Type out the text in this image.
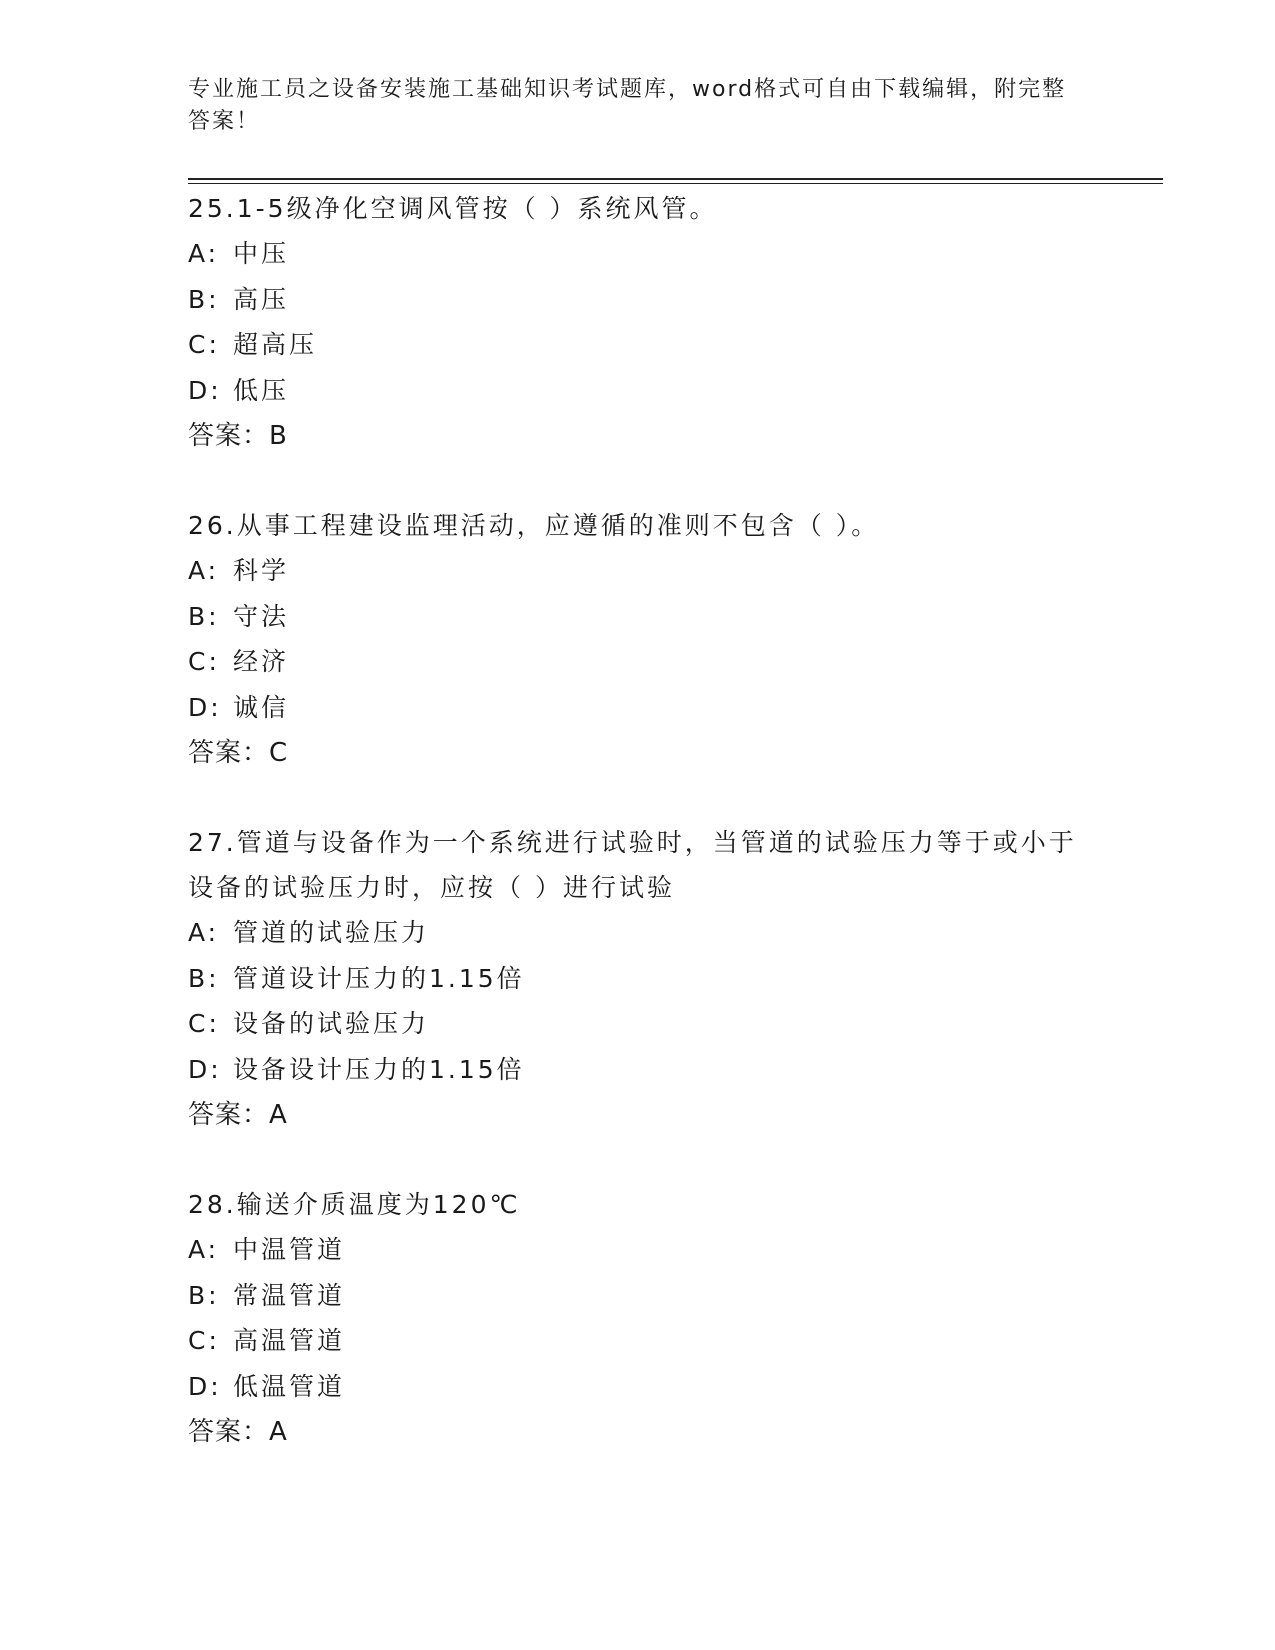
专业施工员之设备安装施工基础知识考试题库，word格式可自由下载编辑，附完整答案！

25.1-5级净化空调风管按（ ）系统风管。

A: 中压

B: 高压

C: 超高压

D: 低压

答案：B

26.从事工程建设监理活动，应遵循的准则不包含（ ）。

A: 科学

B: 守法

C: 经济

D: 诚信

答案：C

27.管道与设备作为一个系统进行试验时，当管道的试验压力等于或小于设备的试验压力时，应按（ ）进行试验

A: 管道的试验压力

B: 管道设计压力的1.15倍

C: 设备的试验压力

D: 设备设计压力的1.15倍

答案：A

28.输送介质温度为120℃

A: 中温管道

B: 常温管道

C: 高温管道

D: 低温管道

答案：A
